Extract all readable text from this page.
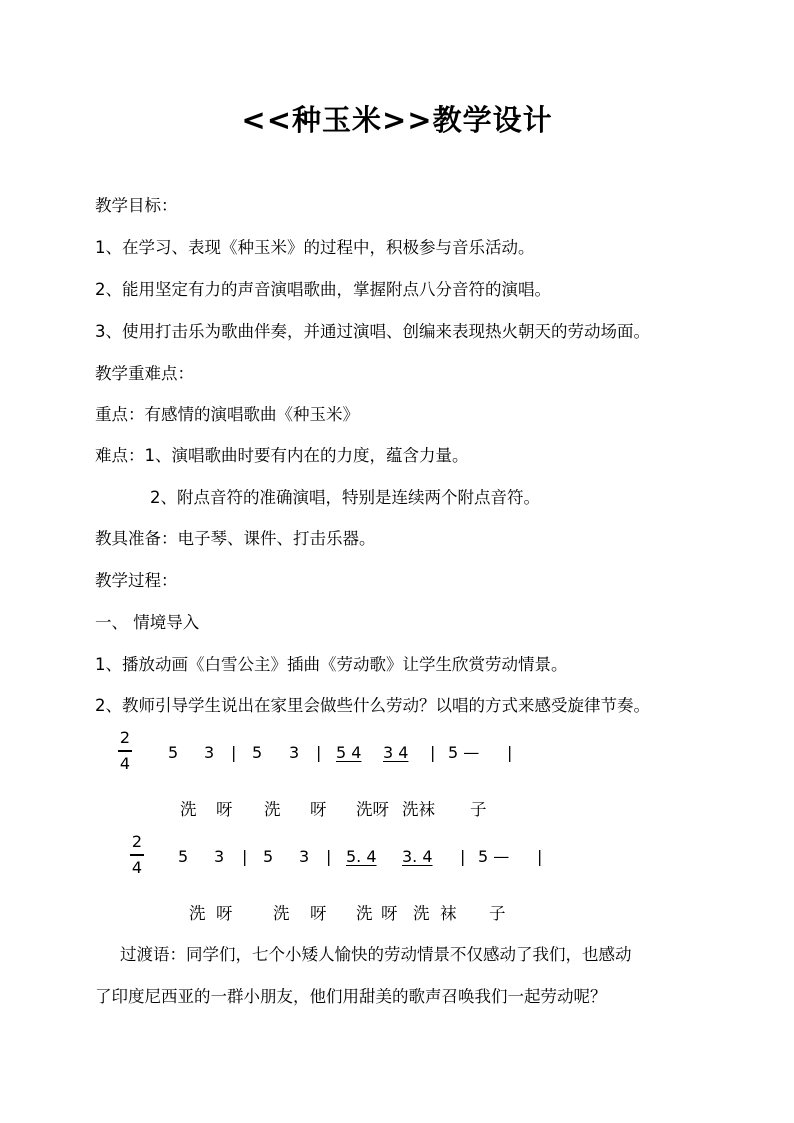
<<种玉米>>教学设计
教学目标：
1、在学习、表现《种玉米》的过程中，积极参与音乐活动。
2、能用坚定有力的声音演唱歌曲，掌握附点八分音符的演唱。
3、使用打击乐为歌曲伴奏，并通过演唱、创编来表现热火朝天的劳动场面。
教学重难点：
重点：有感情的演唱歌曲《种玉米》
难点：1、演唱歌曲时要有内在的力度，蕴含力量。
2、附点音符的准确演唱，特别是连续两个附点音符。
教具准备：电子琴、课件、打击乐器。
教学过程：
一、 情境导入
1、播放动画《白雪公主》插曲《劳动歌》让学生欣赏劳动情景。
2、教师引导学生说出在家里会做些什么劳动？以唱的方式来感受旋律节奏。
2
4
5 3 | 5 3 | 5 4 3 4 | 5 — |
洗 呀 洗 呀 洗呀 洗袜 子
2
4
5 3 | 5 3 | 5. 4 3. 4 | 5 — |
洗 呀 洗 呀 洗 呀 洗 袜 子
过渡语：同学们，七个小矮人愉快的劳动情景不仅感动了我们，也感动
了印度尼西亚的一群小朋友，他们用甜美的歌声召唤我们一起劳动呢？
